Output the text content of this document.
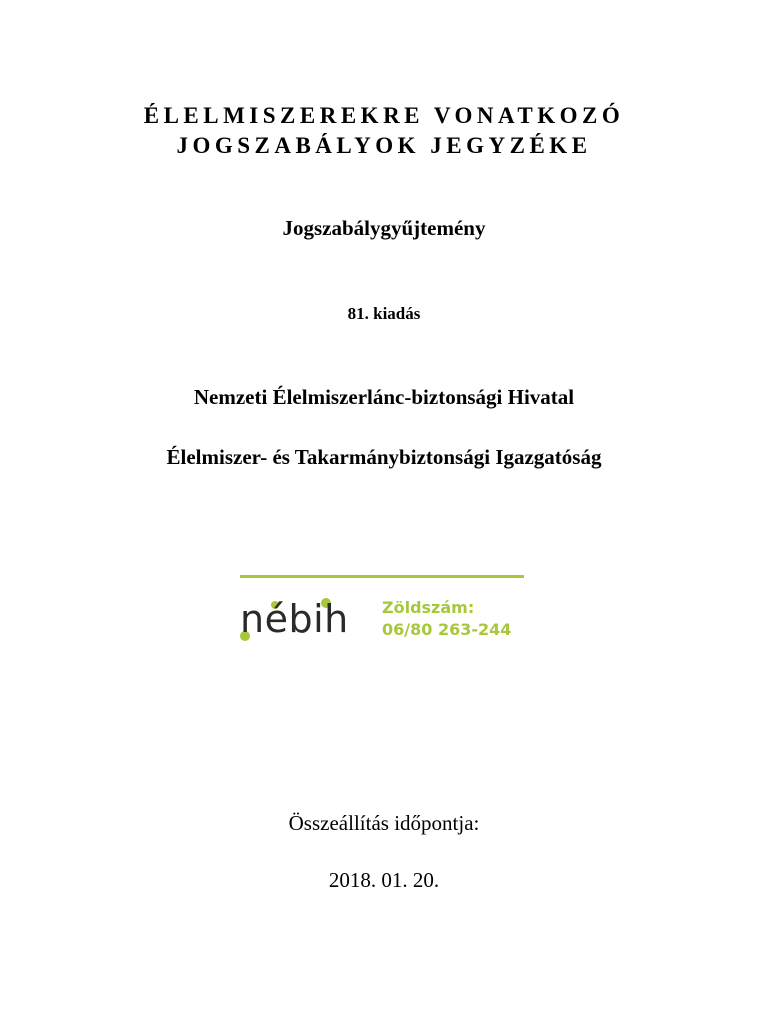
ÉLELMISZEREKRE VONATKOZÓ
JOGSZABÁLYOK JEGYZÉKE
Jogszabálygyűjtemény
81. kiadás
Nemzeti Élelmiszerlánc-biztonsági Hivatal
Élelmiszer- és Takarmánybiztonsági Igazgatóság
nébih Zöldszám:
06/80 263-244
Összeállítás időpontja:
2018. 01. 20.
